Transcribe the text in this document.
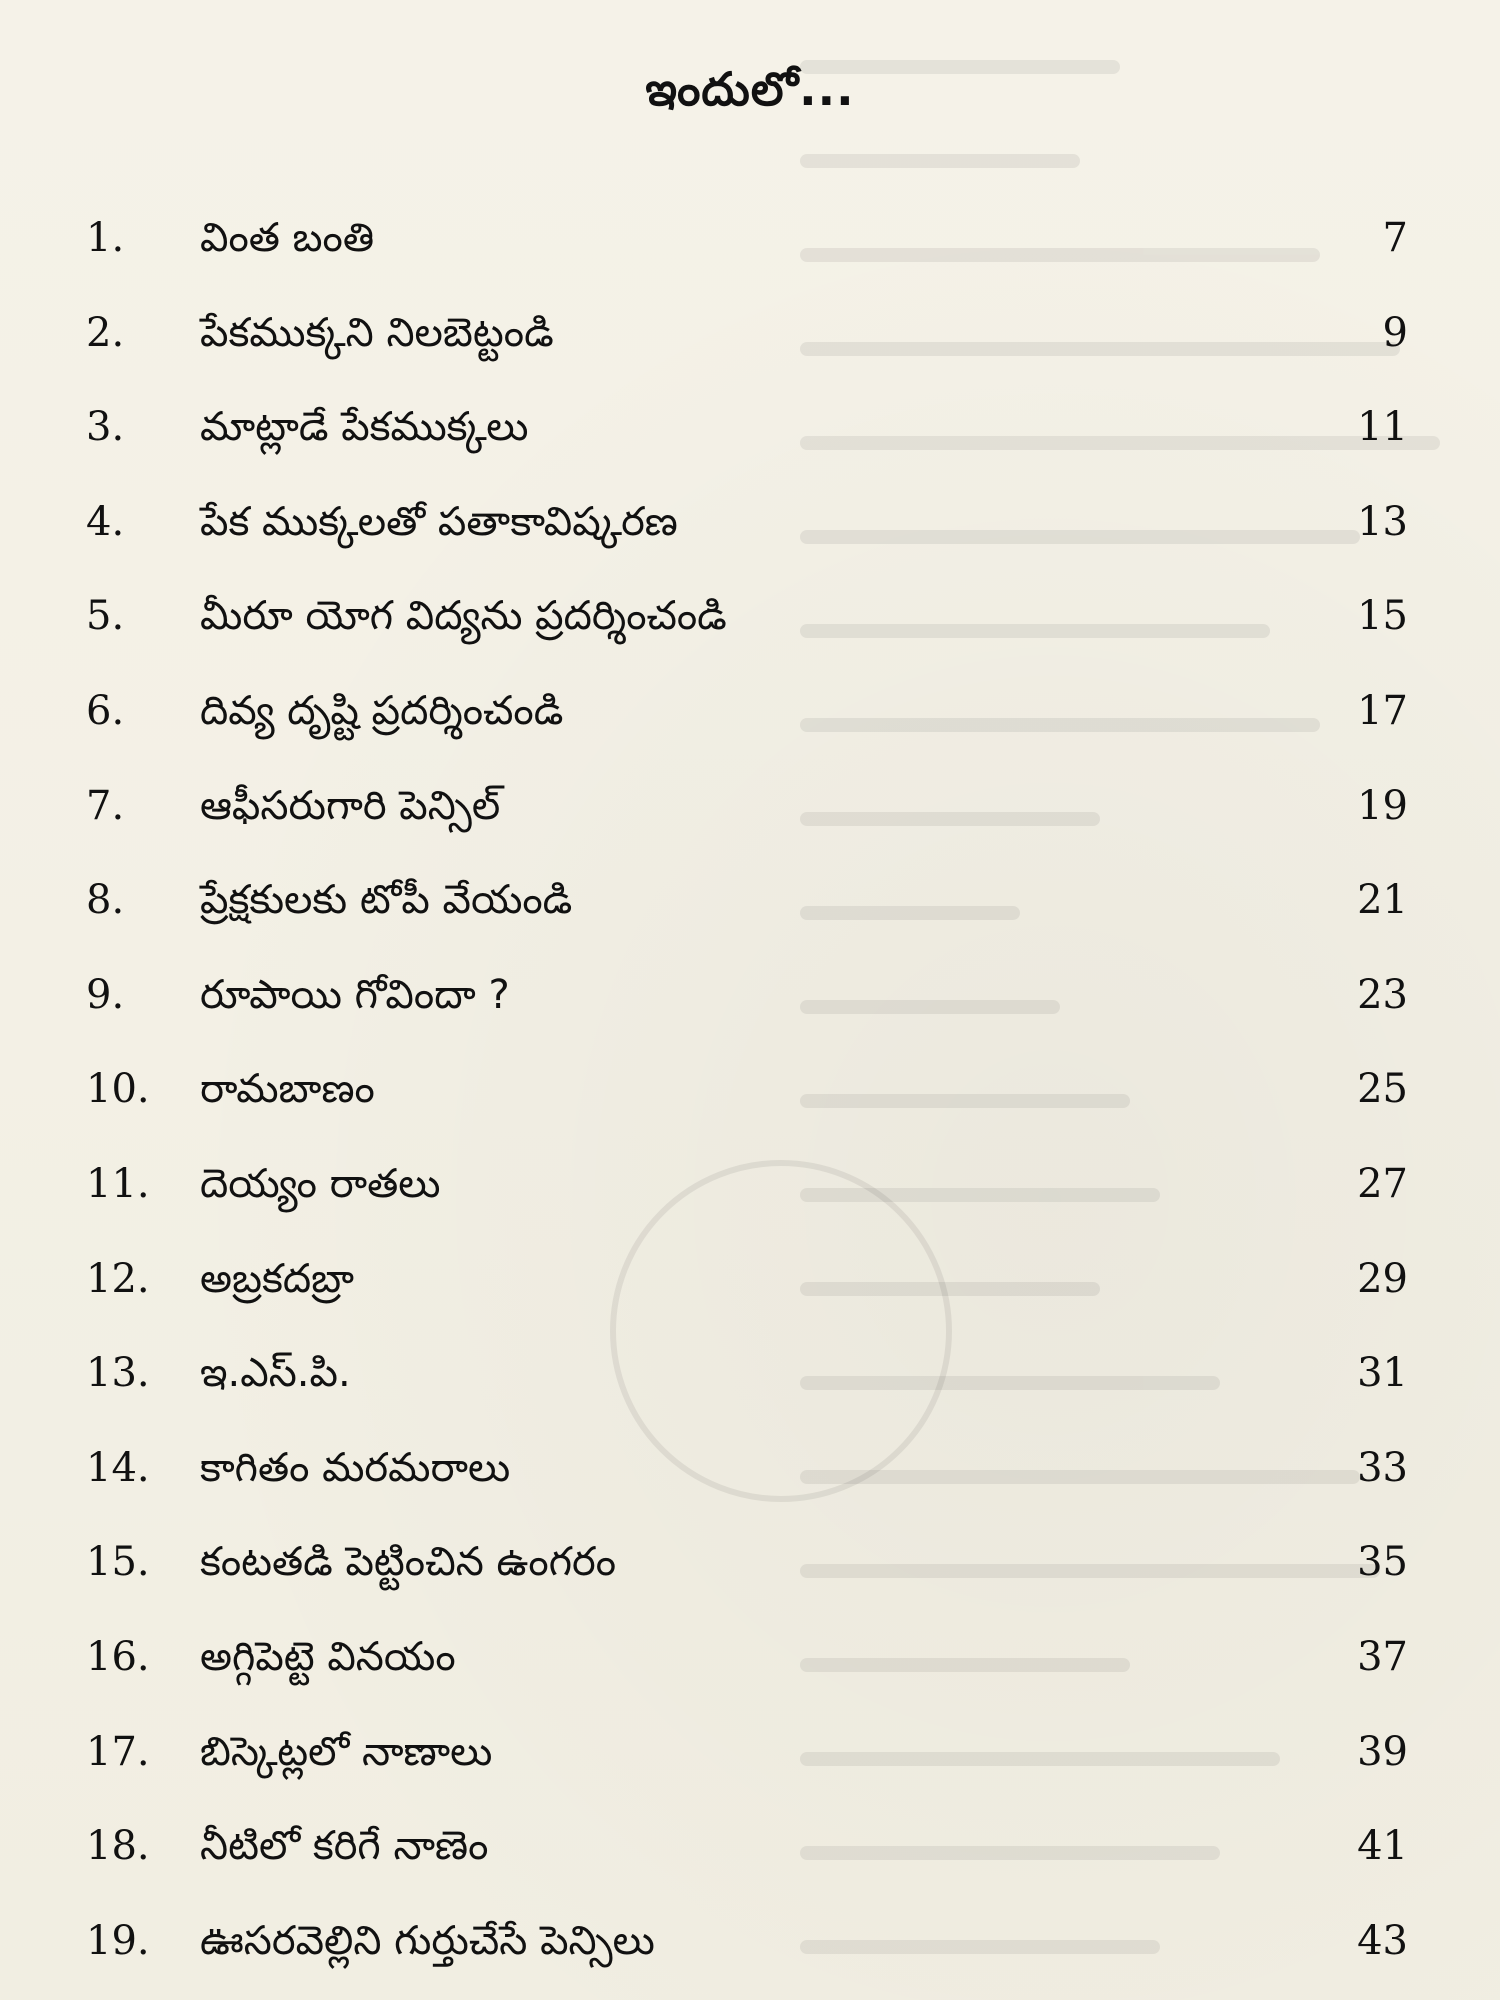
ఇందులో...
1. వింత బంతి	7
2. పేకముక్కని నిలబెట్టండి	9
3. మాట్లాడే పేకముక్కలు	11
4. పేక ముక్కలతో పతాకావిష్కరణ	13
5. మీరూ యోగ విద్యను ప్రదర్శించండి	15
6. దివ్య దృష్టి ప్రదర్శించండి	17
7. ఆఫీసరుగారి పెన్సిల్	19
8. ప్రేక్షకులకు టోపీ వేయండి	21
9. రూపాయి గోవిందా ?	23
10. రామబాణం	25
11. దెయ్యం రాతలు	27
12. అబ్రకదబ్రా	29
13. ఇ.ఎస్.పి.	31
14. కాగితం మరమరాలు	33
15. కంటతడి పెట్టించిన ఉంగరం	35
16. అగ్గిపెట్టె వినయం	37
17. బిస్కెట్లలో నాణాలు	39
18. నీటిలో కరిగే నాణెం	41
19. ఊసరవెల్లిని గుర్తుచేసే పెన్సిలు	43
